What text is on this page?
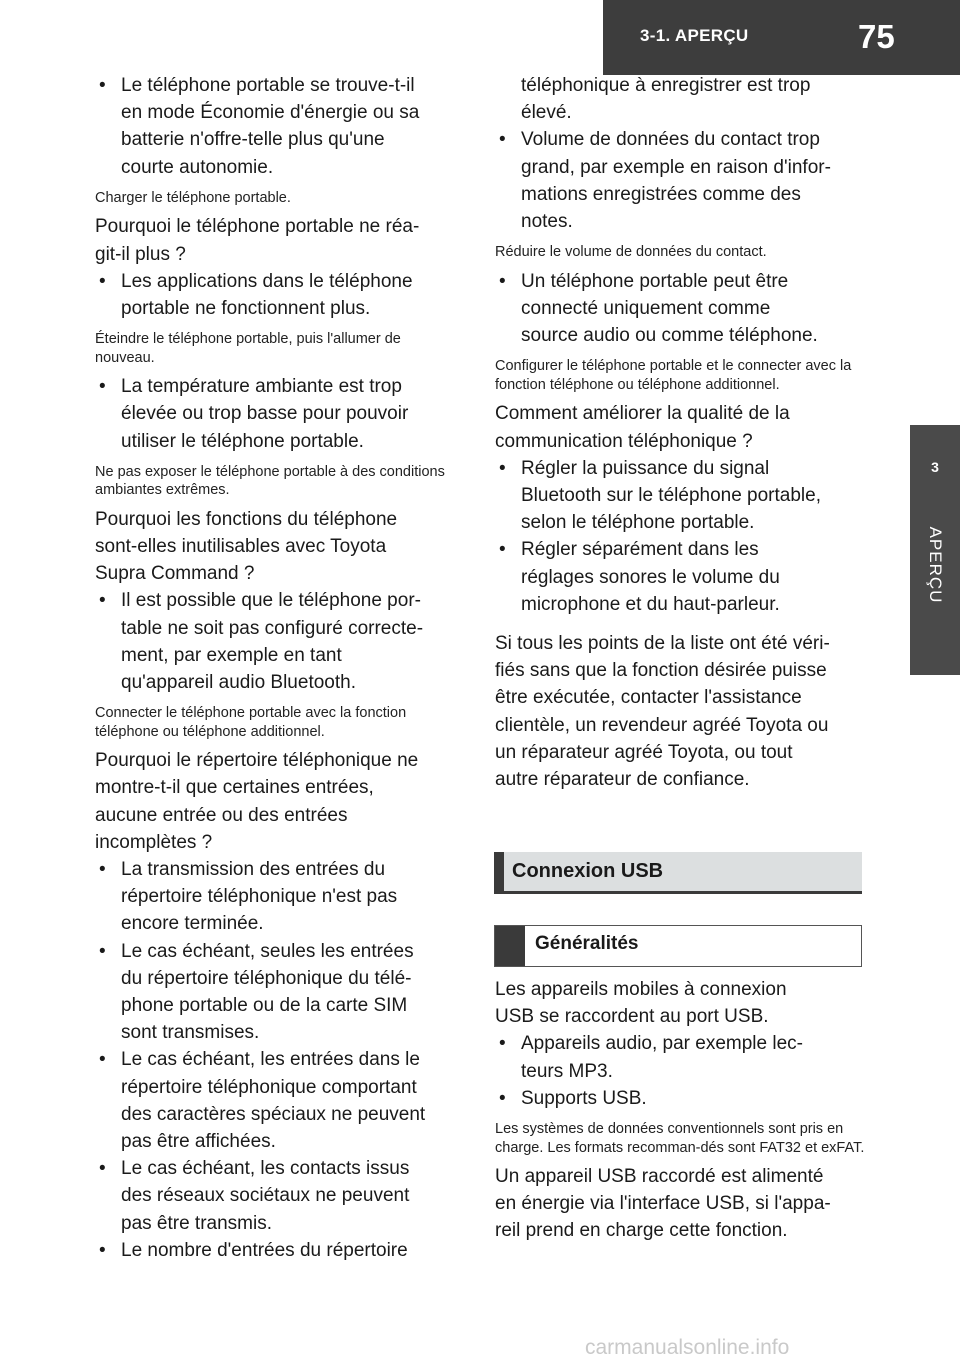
3-1. APERÇU	75
3
APERÇU
• Le téléphone portable se trouve-t-il
en mode Économie d'énergie ou sa
batterie n'offre-telle plus qu'une
courte autonomie.
Charger le téléphone portable.
Pourquoi le téléphone portable ne réa-
git-il plus ?
• Les applications dans le téléphone
portable ne fonctionnent plus.
Éteindre le téléphone portable, puis l'allumer de nouveau.
• La température ambiante est trop
élevée ou trop basse pour pouvoir
utiliser le téléphone portable.
Ne pas exposer le téléphone portable à des conditions ambiantes extrêmes.
Pourquoi les fonctions du téléphone
sont-elles inutilisables avec Toyota
Supra Command ?
• Il est possible que le téléphone por-
table ne soit pas configuré correcte-
ment, par exemple en tant
qu'appareil audio Bluetooth.
Connecter le téléphone portable avec la fonction téléphone ou téléphone additionnel.
Pourquoi le répertoire téléphonique ne
montre-t-il que certaines entrées,
aucune entrée ou des entrées
incomplètes ?
• La transmission des entrées du
répertoire téléphonique n'est pas
encore terminée.
• Le cas échéant, seules les entrées
du répertoire téléphonique du télé-
phone portable ou de la carte SIM
sont transmises.
• Le cas échéant, les entrées dans le
répertoire téléphonique comportant
des caractères spéciaux ne peuvent
pas être affichées.
• Le cas échéant, les contacts issus
des réseaux sociétaux ne peuvent
pas être transmis.
• Le nombre d'entrées du répertoire
téléphonique à enregistrer est trop
élevé.
• Volume de données du contact trop
grand, par exemple en raison d'infor-
mations enregistrées comme des
notes.
Réduire le volume de données du contact.
• Un téléphone portable peut être
connecté uniquement comme
source audio ou comme téléphone.
Configurer le téléphone portable et le connecter avec la fonction téléphone ou téléphone additionnel.
Comment améliorer la qualité de la
communication téléphonique ?
• Régler la puissance du signal
Bluetooth sur le téléphone portable,
selon le téléphone portable.
• Régler séparément dans les
réglages sonores le volume du
microphone et du haut-parleur.
Si tous les points de la liste ont été véri-
fiés sans que la fonction désirée puisse
être exécutée, contacter l'assistance
clientèle, un revendeur agréé Toyota ou
un réparateur agréé Toyota, ou tout
autre réparateur de confiance.
Connexion USB
Généralités
Les appareils mobiles à connexion
USB se raccordent au port USB.
• Appareils audio, par exemple lec-
teurs MP3.
• Supports USB.
Les systèmes de données conventionnels sont pris en charge. Les formats recomman-dés sont FAT32 et exFAT.
Un appareil USB raccordé est alimenté
en énergie via l'interface USB, si l'appa-
reil prend en charge cette fonction.
carmanualsonline.info
